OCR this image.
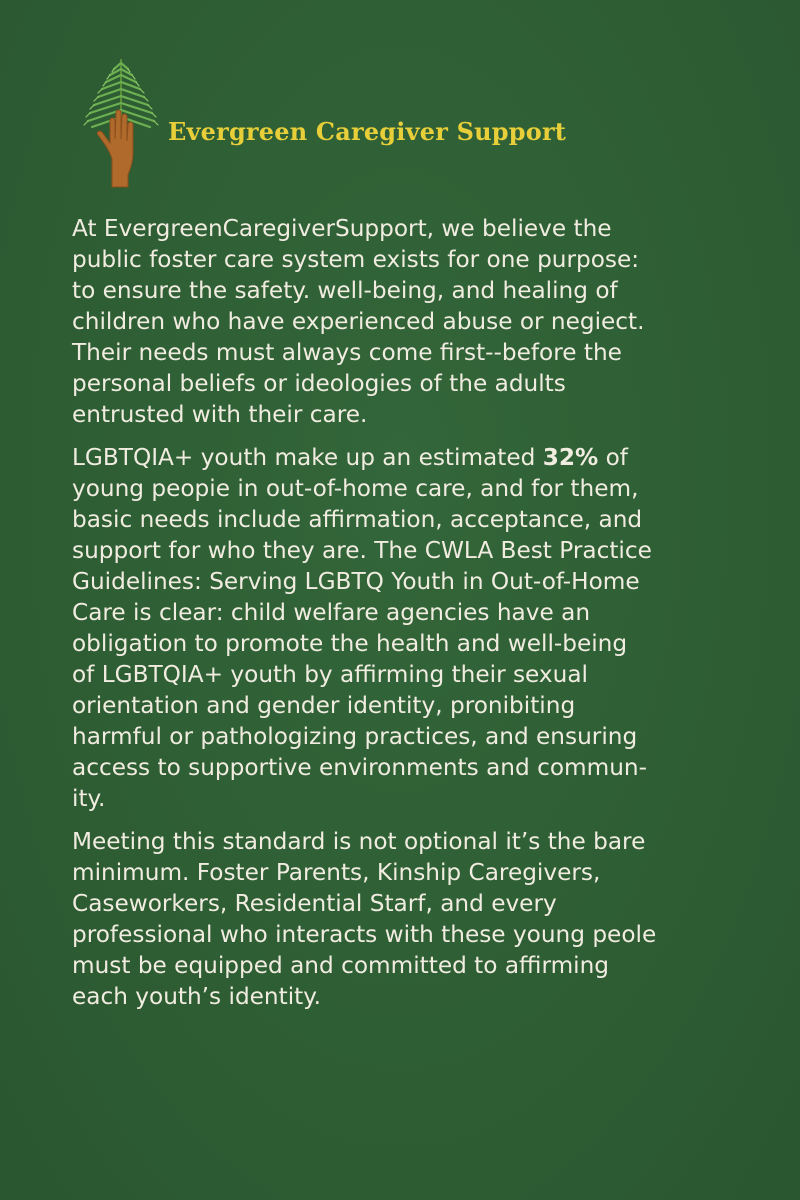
Evergreen Caregiver Support

At EvergreenCaregiverSupport, we believe the
public foster care system exists for one purpose:
to ensure the safety. well-being, and healing of
children who have experienced abuse or negiect.
Their needs must always come first--before the
personal beliefs or ideologies of the adults
entrusted with their care.

LGBTQIA+ youth make up an estimated 32% of
young peopie in out-of-home care, and for them,
basic needs include affirmation, acceptance, and
support for who they are. The CWLA Best Practice
Guidelines: Serving LGBTQ Youth in Out-of-Home
Care is clear: child welfare agencies have an
obligation to promote the health and well-being
of LGBTQIA+ youth by affirming their sexual
orientation and gender identity, pronibiting
harmful or pathologizing practices, and ensuring
access to supportive environments and commun-
ity.

Meeting this standard is not optional it’s the bare
minimum. Foster Parents, Kinship Caregivers,
Caseworkers, Residential Starf, and every
professional who interacts with these young peole
must be equipped and committed to affirming
each youth’s identity.
